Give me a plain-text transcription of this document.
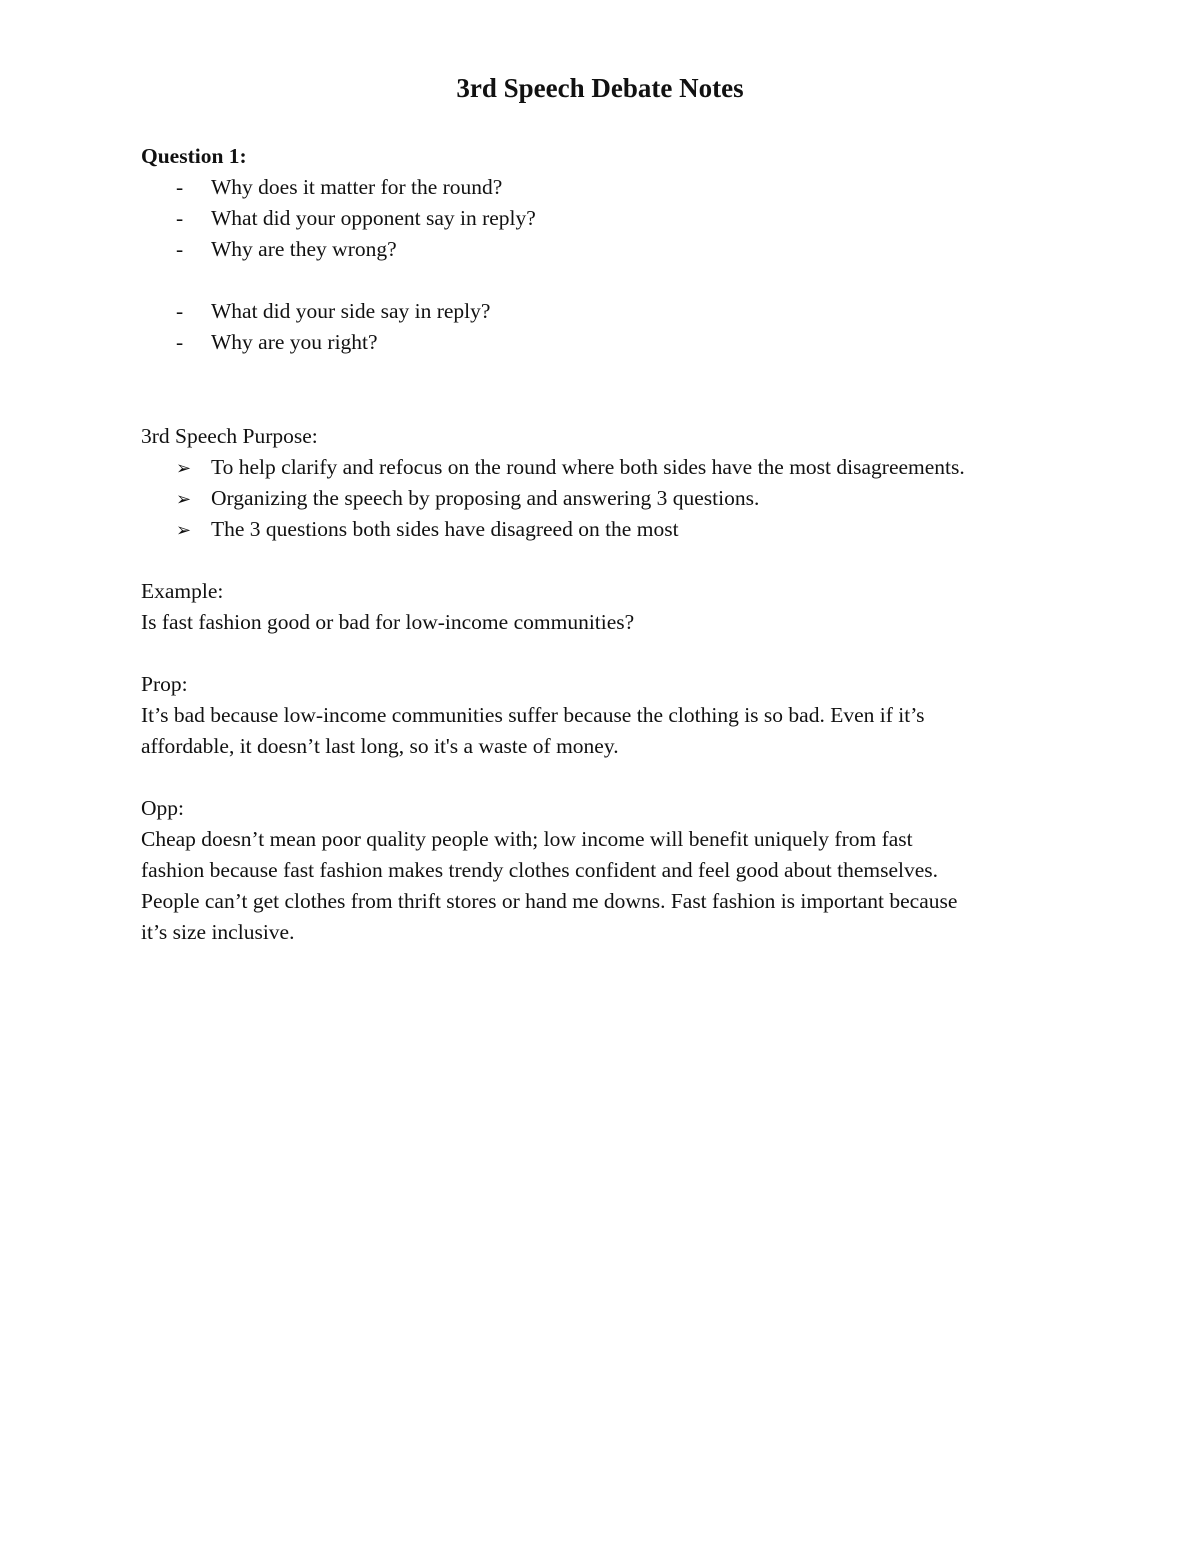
3rd Speech Debate Notes
Question 1:
- Why does it matter for the round?
- What did your opponent say in reply?
- Why are they wrong?
- What did your side say in reply?
- Why are you right?
3rd Speech Purpose:
➢ To help clarify and refocus on the round where both sides have the most disagreements.
➢ Organizing the speech by proposing and answering 3 questions.
➢ The 3 questions both sides have disagreed on the most
Example:
Is fast fashion good or bad for low-income communities?
Prop:
It’s bad because low-income communities suffer because the clothing is so bad. Even if it’s
affordable, it doesn’t last long, so it's a waste of money.
Opp:
Cheap doesn’t mean poor quality people with; low income will benefit uniquely from fast
fashion because fast fashion makes trendy clothes confident and feel good about themselves.
People can’t get clothes from thrift stores or hand me downs. Fast fashion is important because
it’s size inclusive.
